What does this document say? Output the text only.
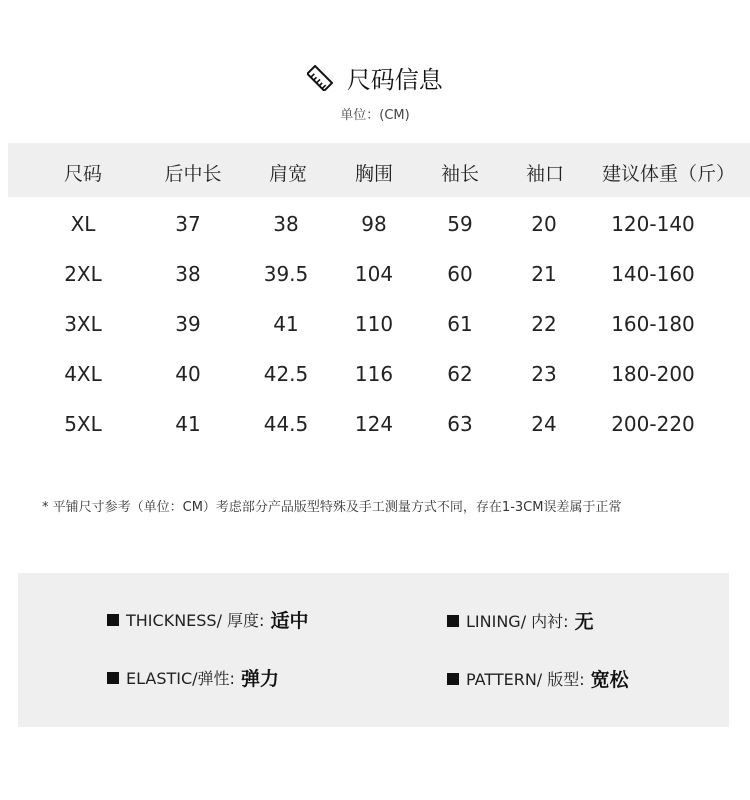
尺码信息
单位：(CM)
尺码	后中长	肩宽	胸围	袖长	袖口	建议体重（斤）
XL	37	38	98	59	20	120-140
2XL	38	39.5	104	60	21	140-160
3XL	39	41	110	61	22	160-180
4XL	40	42.5	116	62	23	180-200
5XL	41	44.5	124	63	24	200-220
* 平铺尺寸参考（单位：CM）考虑部分产品版型特殊及手工测量方式不同，存在1-3CM误差属于正常
THICKNESS/ 厚度: 适中	LINING/ 内衬: 无
ELASTIC/弹性: 弹力	PATTERN/ 版型: 宽松
